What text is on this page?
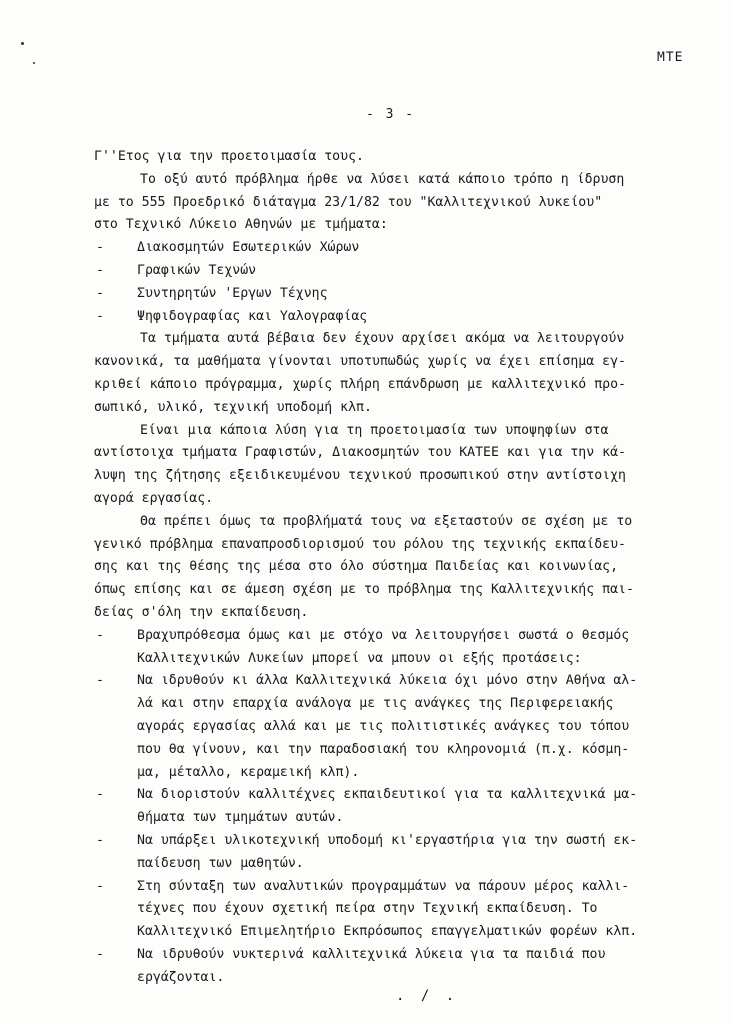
ΜΤΕ
- 3 -
Γ''Ετος για την προετοιμασία τους.
Το οξύ αυτό πρόβλημα ήρθε να λύσει κατά κάποιο τρόπο η ίδρυση
με το 555 Προεδρικό διάταγμα 23/1/82 του "Καλλιτεχνικού λυκείου"
στο Τεχνικό Λύκειο Αθηνών με τμήματα:
-	Διακοσμητών Εσωτερικών Χώρων
-	Γραφικών Τεχνών
-	Συντηρητών 'Εργων Τέχνης
-	Ψηφιδογραφίας και Υαλογραφίας
Τα τμήματα αυτά βέβαια δεν έχουν αρχίσει ακόμα να λειτουργούν
κανονικά, τα μαθήματα γίνονται υποτυπωδώς χωρίς να έχει επίσημα εγ-
κριθεί κάποιο πρόγραμμα, χωρίς πλήρη επάνδρωση με καλλιτεχνικό προ-
σωπικό, υλικό, τεχνική υποδομή κλπ.
Είναι μια κάποια λύση για τη προετοιμασία των υποψηφίων στα
αντίστοιχα τμήματα Γραφιστών, Διακοσμητών του ΚΑΤΕΕ και για την κά-
λυψη της ζήτησης εξειδικευμένου τεχνικού προσωπικού στην αντίστοιχη
αγορά εργασίας.
Θα πρέπει όμως τα προβλήματά τους να εξεταστούν σε σχέση με το
γενικό πρόβλημα επαναπροσδιορισμού του ρόλου της τεχνικής εκπαίδευ-
σης και της θέσης της μέσα στο όλο σύστημα Παιδείας και κοινωνίας,
όπως επίσης και σε άμεση σχέση με το πρόβλημα της Καλλιτεχνικής παι-
δείας σ'όλη την εκπαίδευση.
-	Βραχυπρόθεσμα όμως και με στόχο να λειτουργήσει σωστά ο θεσμός
Καλλιτεχνικών Λυκείων μπορεί να μπουν οι εξής προτάσεις:
-	Να ιδρυθούν κι άλλα Καλλιτεχνικά λύκεια όχι μόνο στην Αθήνα αλ-
λά και στην επαρχία ανάλογα με τις ανάγκες της Περιφερειακής
αγοράς εργασίας αλλά και με τις πολιτιστικές ανάγκες του τόπου
που θα γίνουν, και την παραδοσιακή του κληρονομιά (π.χ. κόσμη-
μα, μέταλλο, κεραμεική κλπ).
-	Να διοριστούν καλλιτέχνες εκπαιδευτικοί για τα καλλιτεχνικά μα-
θήματα των τμημάτων αυτών.
-	Να υπάρξει υλικοτεχνική υποδομή κι'εργαστήρια για την σωστή εκ-
παίδευση των μαθητών.
-	Στη σύνταξη των αναλυτικών προγραμμάτων να πάρουν μέρος καλλι-
τέχνες που έχουν σχετική πείρα στην Τεχνική εκπαίδευση. Το
Καλλιτεχνικό Επιμελητήριο Εκπρόσωπος επαγγελματικών φορέων κλπ.
-	Να ιδρυθούν νυκτερινά καλλιτεχνικά λύκεια για τα παιδιά που
εργάζονται.
. / .
